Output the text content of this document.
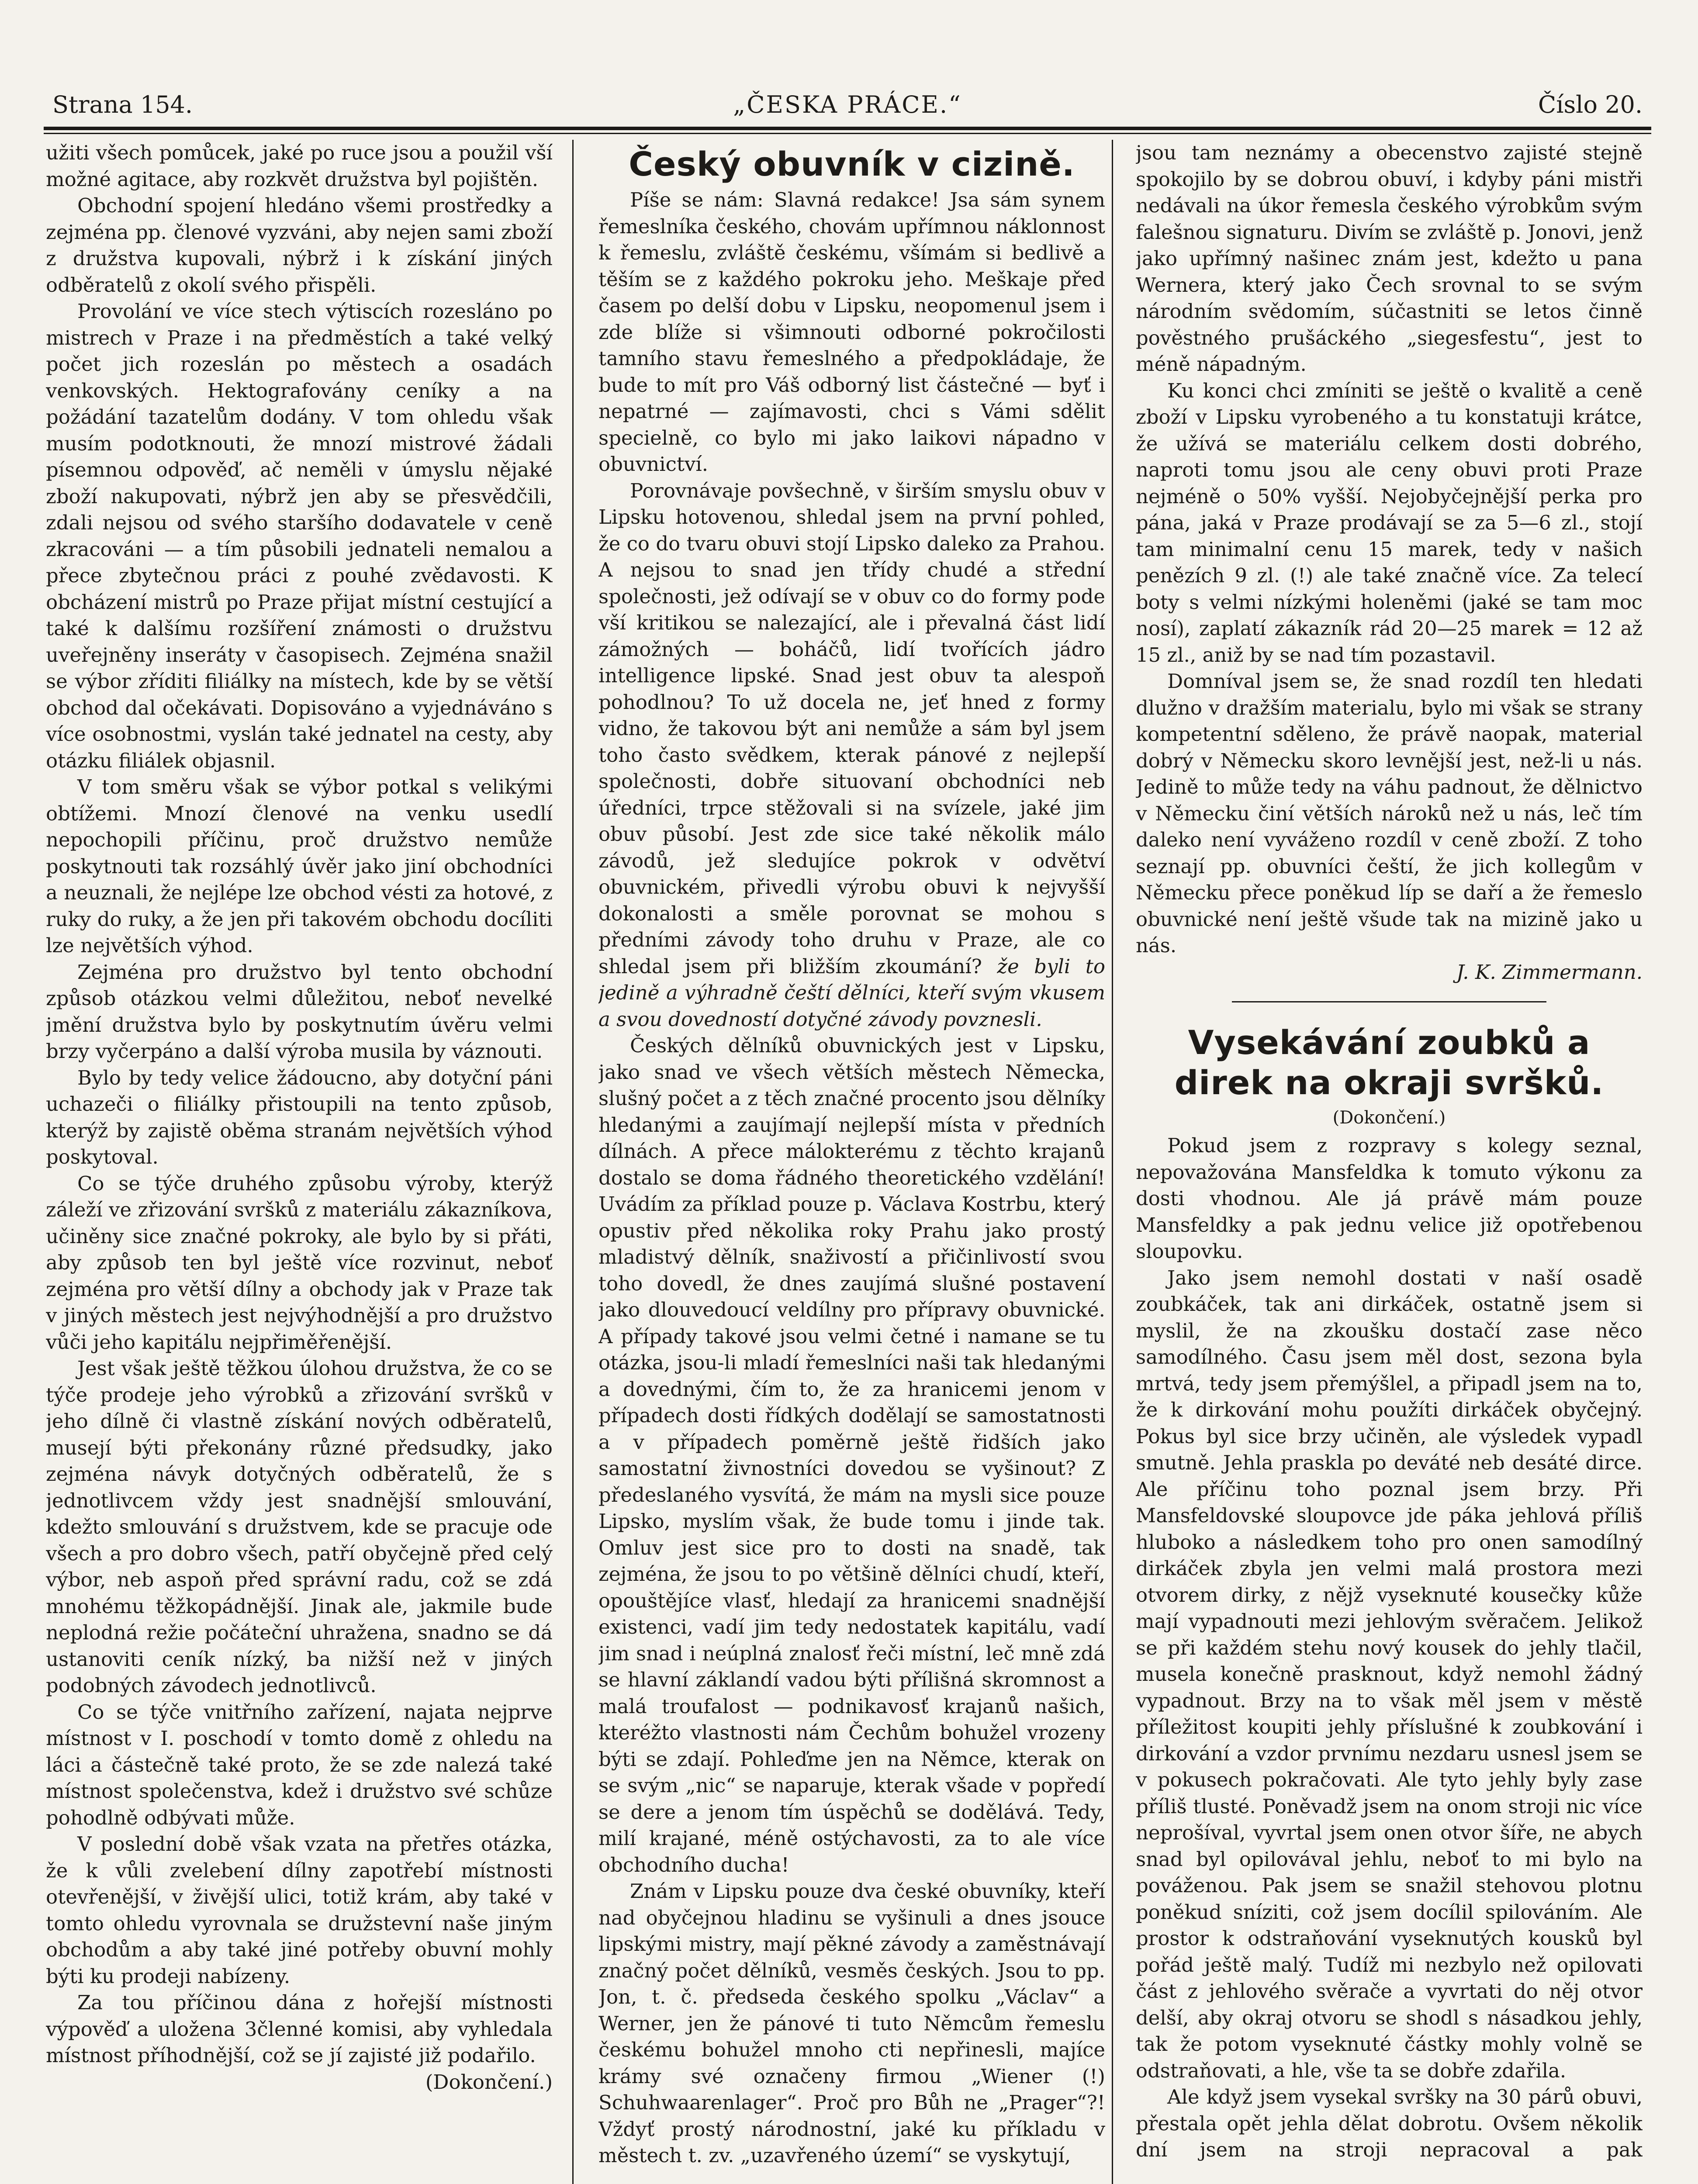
Strana 154.	„ČESKA PRÁCE.“	Číslo 20.

užiti všech pomůcek, jaké po ruce jsou a použil vší možné agitace, aby rozkvět družstva byl pojištěn.

Obchodní spojení hledáno všemi prostředky a zejména pp. členové vyzváni, aby nejen sami zboží z družstva kupovali, nýbrž i k získání jiných odběratelů z okolí svého přispěli.

Provolání ve více stech výtiscích rozesláno po mistrech v Praze i na předměstích a také velký počet jich rozeslán po městech a osadách venkovských. Hektografovány ceníky a na požádání tazatelům dodány. V tom ohledu však musím podotknouti, že mnozí mistrové žádali písemnou odpověď, ač neměli v úmyslu nějaké zboží nakupovati, nýbrž jen aby se přesvědčili, zdali nejsou od svého staršího dodavatele v ceně zkracováni — a tím působili jednateli nemalou a přece zbytečnou práci z pouhé zvědavosti. K obcházení mistrů po Praze přijat místní cestující a také k dalšímu rozšíření známosti o družstvu uveřejněny inseráty v časopisech. Zejména snažil se výbor zříditi filiálky na místech, kde by se větší obchod dal očekávati. Dopisováno a vyjednáváno s více osobnostmi, vyslán také jednatel na cesty, aby otázku filiálek objasnil.

V tom směru však se výbor potkal s velikými obtížemi. Mnozí členové na venku usedlí nepochopili příčinu, proč družstvo nemůže poskytnouti tak rozsáhlý úvěr jako jiní obchodníci a neuznali, že nejlépe lze obchod vésti za hotové, z ruky do ruky, a že jen při takovém obchodu docíliti lze největších výhod.

Zejména pro družstvo byl tento obchodní způsob otázkou velmi důležitou, neboť nevelké jmění družstva bylo by poskytnutím úvěru velmi brzy vyčerpáno a další výroba musila by váznouti.

Bylo by tedy velice žádoucno, aby dotyční páni uchazeči o filiálky přistoupili na tento způsob, kterýž by zajistě oběma stranám největších výhod poskytoval.

Co se týče druhého způsobu výroby, kterýž záleží ve zřizování svršků z materiálu zákazníkova, učiněny sice značné pokroky, ale bylo by si přáti, aby způsob ten byl ještě více rozvinut, neboť zejména pro větší dílny a obchody jak v Praze tak v jiných městech jest nejvýhodnější a pro družstvo vůči jeho kapitálu nejpřiměřenější.

Jest však ještě těžkou úlohou družstva, že co se týče prodeje jeho výrobků a zřizování svršků v jeho dílně či vlastně získání nových odběratelů, musejí býti překonány různé předsudky, jako zejména návyk dotyčných odběratelů, že s jednotlivcem vždy jest snadnější smlouvání, kdežto smlouvání s družstvem, kde se pracuje ode všech a pro dobro všech, patří obyčejně před celý výbor, neb aspoň před správní radu, což se zdá mnohému těžkopádnější. Jinak ale, jakmile bude neplodná režie počáteční uhražena, snadno se dá ustanoviti ceník nízký, ba nižší než v jiných podobných závodech jednotlivců.

Co se týče vnitřního zařízení, najata nejprve místnost v I. poschodí v tomto domě z ohledu na láci a částečně také proto, že se zde nalezá také místnost společenstva, kdež i družstvo své schůze pohodlně odbývati může.

V poslední době však vzata na přetřes otázka, že k vůli zvelebení dílny zapotřebí místnosti otevřenější, v živější ulici, totiž krám, aby také v tomto ohledu vyrovnala se družstevní naše jiným obchodům a aby také jiné potřeby obuvní mohly býti ku prodeji nabízeny.

Za tou příčinou dána z hořejší místnosti výpověď a uložena 3členné komisi, aby vyhledala místnost příhodnější, což se jí zajisté již podařilo.

(Dokončení.)

Český obuvník v cizině.

Píše se nám: Slavná redakce! Jsa sám synem řemeslníka českého, chovám upřímnou náklonnost k řemeslu, zvláště českému, všímám si bedlivě a těším se z každého pokroku jeho. Meškaje před časem po delší dobu v Lipsku, neopomenul jsem i zde blíže si všimnouti odborné pokročilosti tamního stavu řemeslného a předpokládaje, že bude to mít pro Váš odborný list částečné — byť i nepatrné — zajímavosti, chci s Vámi sdělit specielně, co bylo mi jako laikovi nápadno v obuvnictví.

Porovnávaje povšechně, v širším smyslu obuv v Lipsku hotovenou, shledal jsem na první pohled, že co do tvaru obuvi stojí Lipsko daleko za Prahou. A nejsou to snad jen třídy chudé a střední společnosti, jež odívají se v obuv co do formy pode vší kritikou se nalezající, ale i převalná část lidí zámožných — boháčů, lidí tvořících jádro intelligence lipské. Snad jest obuv ta alespoň pohodlnou? To už docela ne, jeť hned z formy vidno, že takovou být ani nemůže a sám byl jsem toho často svědkem, kterak pánové z nejlepší společnosti, dobře situovaní obchodníci neb úředníci, trpce stěžovali si na svízele, jaké jim obuv působí. Jest zde sice také několik málo závodů, jež sledujíce pokrok v odvětví obuvnickém, přivedli výrobu obuvi k nejvyšší dokonalosti a směle porovnat se mohou s předními závody toho druhu v Praze, ale co shledal jsem při bližším zkoumání? že byli to jedině a výhradně čeští dělníci, kteří svým vkusem a svou dovedností dotyčné závody povznesli.

Českých dělníků obuvnických jest v Lipsku, jako snad ve všech větších městech Německa, slušný počet a z těch značné procento jsou dělníky hledanými a zaujímají nejlepší místa v předních dílnách. A přece málokterému z těchto krajanů dostalo se doma řádného theoretického vzdělání! Uvádím za příklad pouze p. Václava Kostrbu, který opustiv před několika roky Prahu jako prostý mladistvý dělník, snaživostí a přičinlivostí svou toho dovedl, že dnes zaujímá slušné postavení jako dlouvedoucí veldílny pro přípravy obuvnické. A případy takové jsou velmi četné i namane se tu otázka, jsou-li mladí řemeslníci naši tak hledanými a dovednými, čím to, že za hranicemi jenom v případech dosti řídkých dodělají se samostatnosti a v případech poměrně ještě řidších jako samostatní živnostníci dovedou se vyšinout? Z předeslaného vysvítá, že mám na mysli sice pouze Lipsko, myslím však, že bude tomu i jinde tak. Omluv jest sice pro to dosti na snadě, tak zejména, že jsou to po většině dělníci chudí, kteří, opouštějíce vlasť, hledají za hranicemi snadnější existenci, vadí jim tedy nedostatek kapitálu, vadí jim snad i neúplná znalosť řeči místní, leč mně zdá se hlavní záklandí vadou býti přílišná skromnost a malá troufalost — podnikavosť krajanů našich, kteréžto vlastnosti nám Čechům bohužel vrozeny býti se zdají. Pohleďme jen na Němce, kterak on se svým „nic“ se naparuje, kterak všade v popředí se dere a jenom tím úspěchů se dodělává. Tedy, milí krajané, méně ostýchavosti, za to ale více obchodního ducha!

Znám v Lipsku pouze dva české obuvníky, kteří nad obyčejnou hladinu se vyšinuli a dnes jsouce lipskými mistry, mají pěkné závody a zaměstnávají značný počet dělníků, vesměs českých. Jsou to pp. Jon, t. č. předseda českého spolku „Václav“ a Werner, jen že pánové ti tuto Němcům řemeslu českému bohužel mnoho cti nepřinesli, majíce krámy své označeny firmou „Wiener (!) Schuhwaarenlager“. Proč pro Bůh ne „Prager“?! Vždyť prostý národnostní, jaké ku příkladu v městech t. zv. „uzavřeného území“ se vyskytují,

jsou tam neznámy a obecenstvo zajisté stejně spokojilo by se dobrou obuví, i kdyby páni mistři nedávali na úkor řemesla českého výrobkům svým falešnou signaturu. Divím se zvláště p. Jonovi, jenž jako upřímný našinec znám jest, kdežto u pana Wernera, který jako Čech srovnal to se svým národním svědomím, súčastniti se letos činně pověstného prušáckého „siegesfestu“, jest to méně nápadným.

Ku konci chci zmíniti se ještě o kvalitě a ceně zboží v Lipsku vyrobeného a tu konstatuji krátce, že užívá se materiálu celkem dosti dobrého, naproti tomu jsou ale ceny obuvi proti Praze nejméně o 50% vyšší. Nejobyčejnější perka pro pána, jaká v Praze prodávají se za 5—6 zl., stojí tam minimalní cenu 15 marek, tedy v našich penězích 9 zl. (!) ale také značně více. Za telecí boty s velmi nízkými holeněmi (jaké se tam moc nosí), zaplatí zákazník rád 20—25 marek = 12 až 15 zl., aniž by se nad tím pozastavil.

Domníval jsem se, že snad rozdíl ten hledati dlužno v dražším materialu, bylo mi však se strany kompetentní sděleno, že právě naopak, material dobrý v Německu skoro levnější jest, než-li u nás. Jedině to může tedy na váhu padnout, že dělnictvo v Německu činí větších nároků než u nás, leč tím daleko není vyváženo rozdíl v ceně zboží. Z toho seznají pp. obuvníci čeští, že jich kollegům v Německu přece poněkud líp se daří a že řemeslo obuvnické není ještě všude tak na mizině jako u nás.

J. K. Zimmermann.

Vysekávání zoubků a direk na okraji svršků.
(Dokončení.)

Pokud jsem z rozpravy s kolegy seznal, nepovažována Mansfeldka k tomuto výkonu za dosti vhodnou. Ale já právě mám pouze Mansfeldky a pak jednu velice již opotřebenou sloupovku.

Jako jsem nemohl dostati v naší osadě zoubkáček, tak ani dirkáček, ostatně jsem si myslil, že na zkoušku dostačí zase něco samodílného. Času jsem měl dost, sezona byla mrtvá, tedy jsem přemýšlel, a připadl jsem na to, že k dirkování mohu použíti dirkáček obyčejný. Pokus byl sice brzy učiněn, ale výsledek vypadl smutně. Jehla praskla po deváté neb desáté dirce. Ale příčinu toho poznal jsem brzy. Při Mansfeldovské sloupovce jde páka jehlová příliš hluboko a následkem toho pro onen samodílný dirkáček zbyla jen velmi malá prostora mezi otvorem dirky, z nějž vyseknuté kousečky kůže mají vypadnouti mezi jehlovým svěračem. Jelikož se při každém stehu nový kousek do jehly tlačil, musela konečně prasknout, když nemohl žádný vypadnout. Brzy na to však měl jsem v městě příležitost koupiti jehly příslušné k zoubkování i dirkování a vzdor prvnímu nezdaru usnesl jsem se v pokusech pokračovati. Ale tyto jehly byly zase příliš tlusté. Poněvadž jsem na onom stroji nic více neprošíval, vyvrtal jsem onen otvor šíře, ne abych snad byl opilovával jehlu, neboť to mi bylo na pováženou. Pak jsem se snažil stehovou plotnu poněkud sníziti, což jsem docílil spilováním. Ale prostor k odstraňování vyseknutých kousků byl pořád ještě malý. Tudíž mi nezbylo než opilovati část z jehlového svěrače a vyvrtati do něj otvor delší, aby okraj otvoru se shodl s násadkou jehly, tak že potom vyseknuté částky mohly volně se odstraňovati, a hle, vše ta se dobře zdařila.

Ale když jsem vysekal svršky na 30 párů obuvi, přestala opět jehla dělat dobrotu. Ovšem několik dní jsem na stroji nepracoval a pak
